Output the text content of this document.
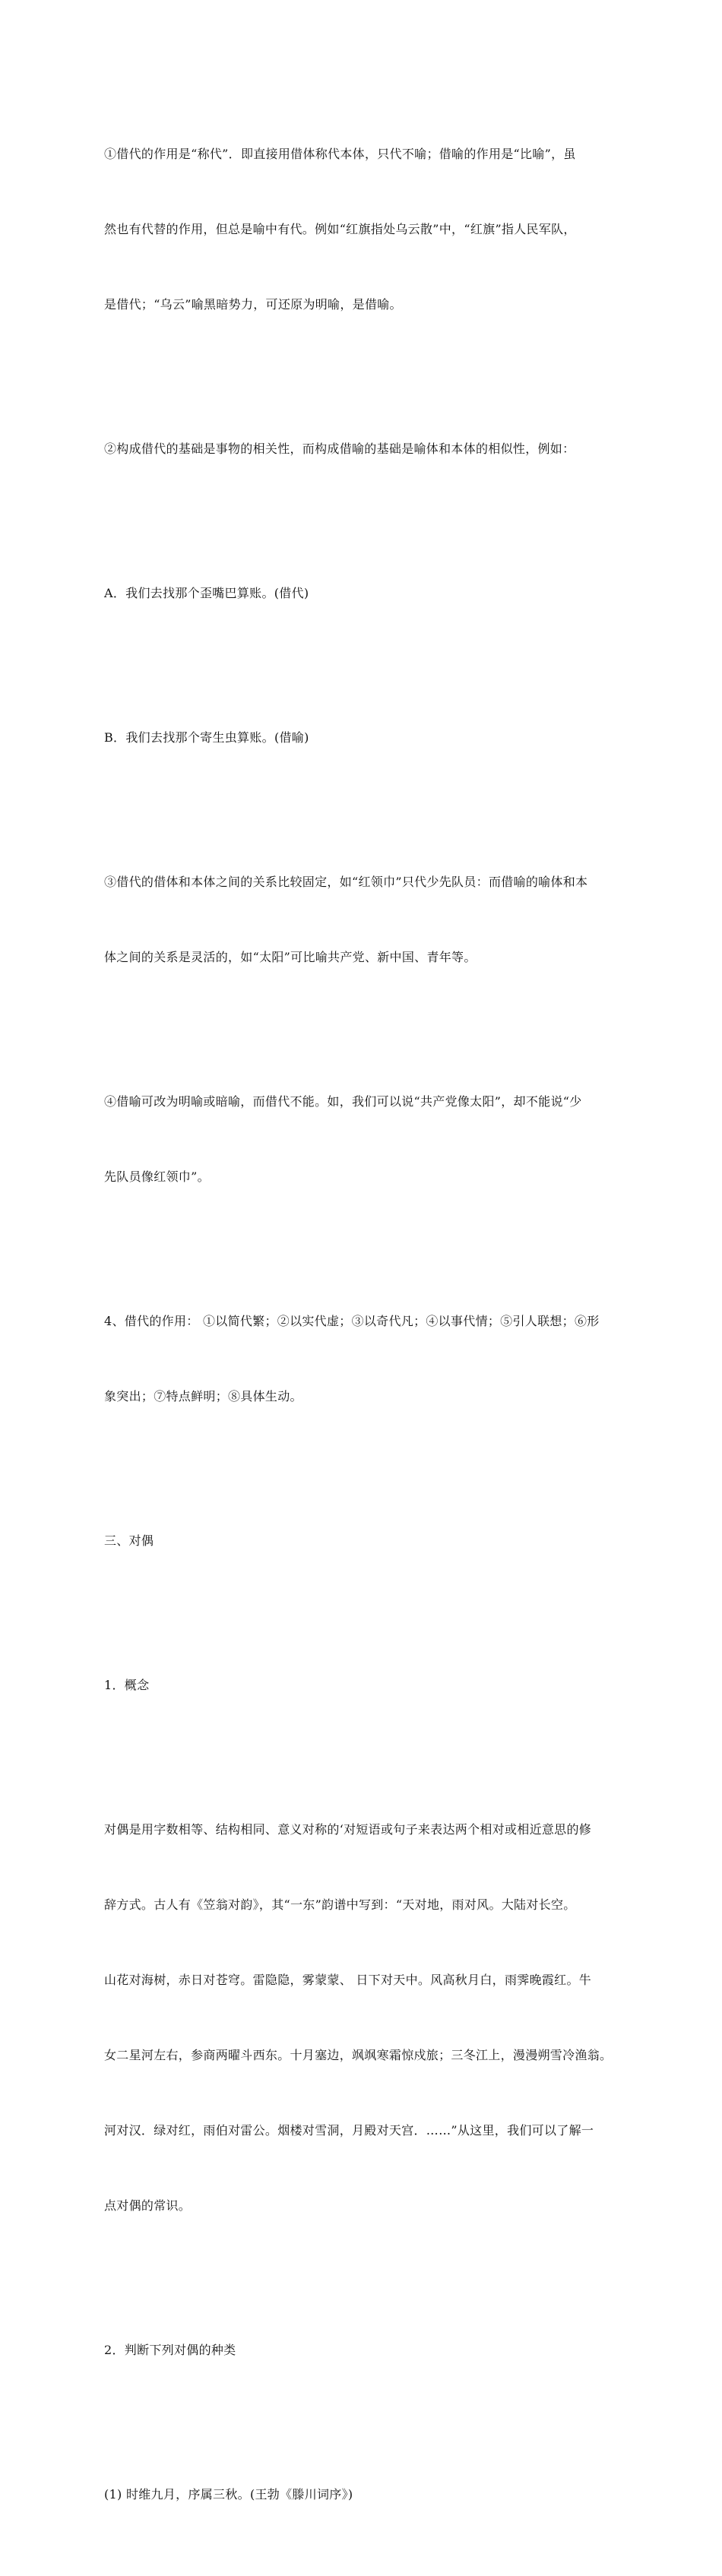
①借代的作用是“称代”．即直接用借体称代本体，只代不喻；借喻的作用是“比喻”，虽

然也有代替的作用，但总是喻中有代。例如“红旗指处乌云散”中，“红旗”指人民军队，

是借代；“乌云”喻黑暗势力，可还原为明喻，是借喻。

②构成借代的基础是事物的相关性，而构成借喻的基础是喻体和本体的相似性，例如：

A．我们去找那个歪嘴巴算账。(借代)

B．我们去找那个寄生虫算账。(借喻)

③借代的借体和本体之间的关系比较固定，如“红领巾”只代少先队员：而借喻的喻体和本

体之间的关系是灵活的，如“太阳”可比喻共产党、新中国、青年等。

④借喻可改为明喻或暗喻，而借代不能。如，我们可以说“共产党像太阳”，却不能说“少

先队员像红领巾”。

4、借代的作用： ①以简代繁；②以实代虚；③以奇代凡；④以事代情；⑤引人联想；⑥形

象突出；⑦特点鲜明；⑧具体生动。

三、对偶

1．概念

对偶是用字数相等、结构相同、意义对称的‘对短语或句子来表达两个相对或相近意思的修

辞方式。古人有《笠翁对韵》，其“一东”韵谱中写到：“天对地，雨对风。大陆对长空。

山花对海树，赤日对苍穹。雷隐隐，雾蒙蒙、 日下对天中。风高秋月白，雨霁晚霞红。牛

女二星河左右，参商两曜斗西东。十月塞边，飒飒寒霜惊戍旅；三冬江上，漫漫朔雪冷渔翁。

河对汉．绿对红，雨伯对雷公。烟楼对雪洞，月殿对天宫．……”从这里，我们可以了解一

点对偶的常识。

2．判断下列对偶的种类

(1) 时维九月，序属三秋。(王勃《滕川词序》)
